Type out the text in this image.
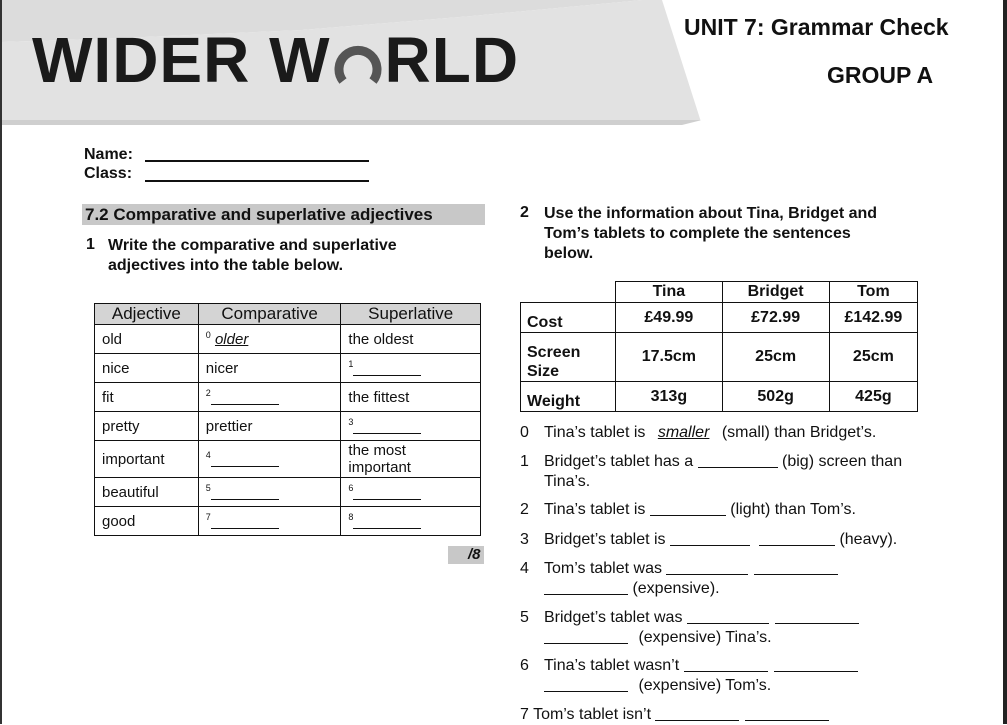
WIDER W RLD	UNIT 7: Grammar Check
GROUP A
Name:
Class:
7.2 Comparative and superlative adjectives
1 Write the comparative and superlative
adjectives into the table below.
Adjective	Comparative	Superlative
old	$^0$ older	the oldest
nice	nicer	$^1$
fit	$^2$	the fittest
pretty	prettier	$^3$
important	$^4$	the most
important
beautiful	$^5$	$^6$
good	$^7$	$^8$
/8
2 Use the information about Tina, Bridget and
Tom’s tablets to complete the sentences
below.
	Tina	Bridget	Tom
Cost	£49.99	£72.99	£142.99
Screen
Size	17.5cm	25cm	25cm
Weight	313g	502g	425g
0 Tina’s tablet is smaller (small) than Bridget’s.
1 Bridget’s tablet has a	(big) screen than
Tina’s.
2 Tina’s tablet is	(light) than Tom’s.
3 Bridget’s tablet is	(heavy).
4 Tom’s tablet was
(expensive).
5 Bridget’s tablet was
(expensive) Tina’s.
6 Tina’s tablet wasn’t
(expensive) Tom’s.
7 Tom’s tablet isn’t
